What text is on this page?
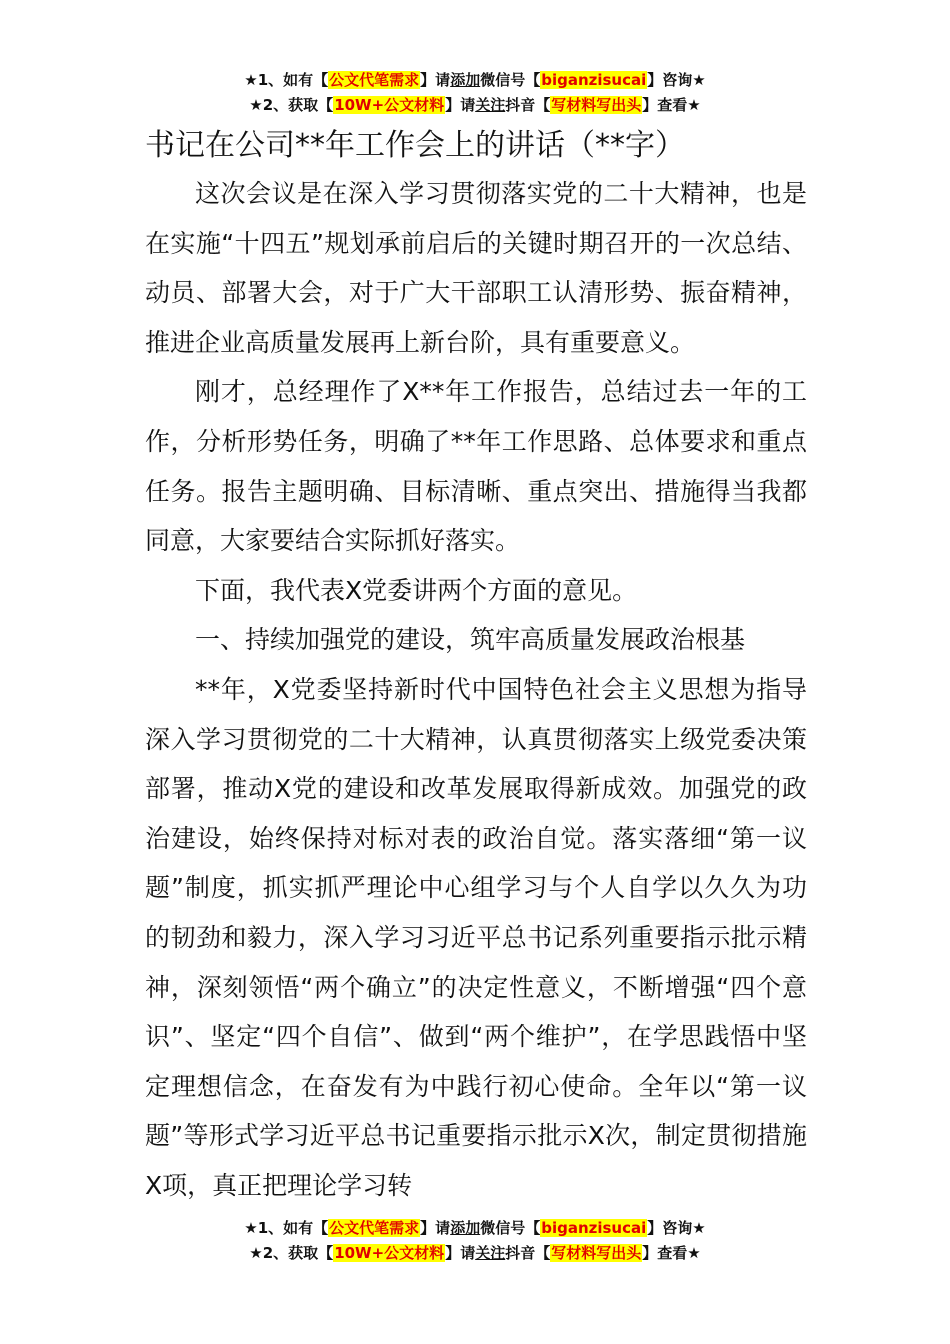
★1、如有【公文代笔需求】请添加微信号【biganzisucai】咨询★
★2、获取【10W+公文材料】请关注抖音【写材料写出头】查看★
书记在公司**年工作会上的讲话（**字）

这次会议是在深入学习贯彻落实党的二十大精神，也是在实施“十四五”规划承前启后的关键时期召开的一次总结、动员、部署大会，对于广大干部职工认清形势、振奋精神，推进企业高质量发展再上新台阶，具有重要意义。

刚才，总经理作了X**年工作报告，总结过去一年的工作，分析形势任务，明确了**年工作思路、总体要求和重点任务。报告主题明确、目标清晰、重点突出、措施得当我都同意，大家要结合实际抓好落实。

下面，我代表X党委讲两个方面的意见。

一、持续加强党的建设，筑牢高质量发展政治根基

**年，X党委坚持新时代中国特色社会主义思想为指导深入学习贯彻党的二十大精神，认真贯彻落实上级党委决策部署，推动X党的建设和改革发展取得新成效。加强党的政治建设，始终保持对标对表的政治自觉。落实落细“第一议题”制度，抓实抓严理论中心组学习与个人自学以久久为功的韧劲和毅力，深入学习习近平总书记系列重要指示批示精神，深刻领悟“两个确立”的决定性意义，不断增强“四个意识”、坚定“四个自信”、做到“两个维护”，在学思践悟中坚定理想信念，在奋发有为中践行初心使命。全年以“第一议题”等形式学习近平总书记重要指示批示X次，制定贯彻措施X项，真正把理论学习转

★1、如有【公文代笔需求】请添加微信号【biganzisucai】咨询★
★2、获取【10W+公文材料】请关注抖音【写材料写出头】查看★
